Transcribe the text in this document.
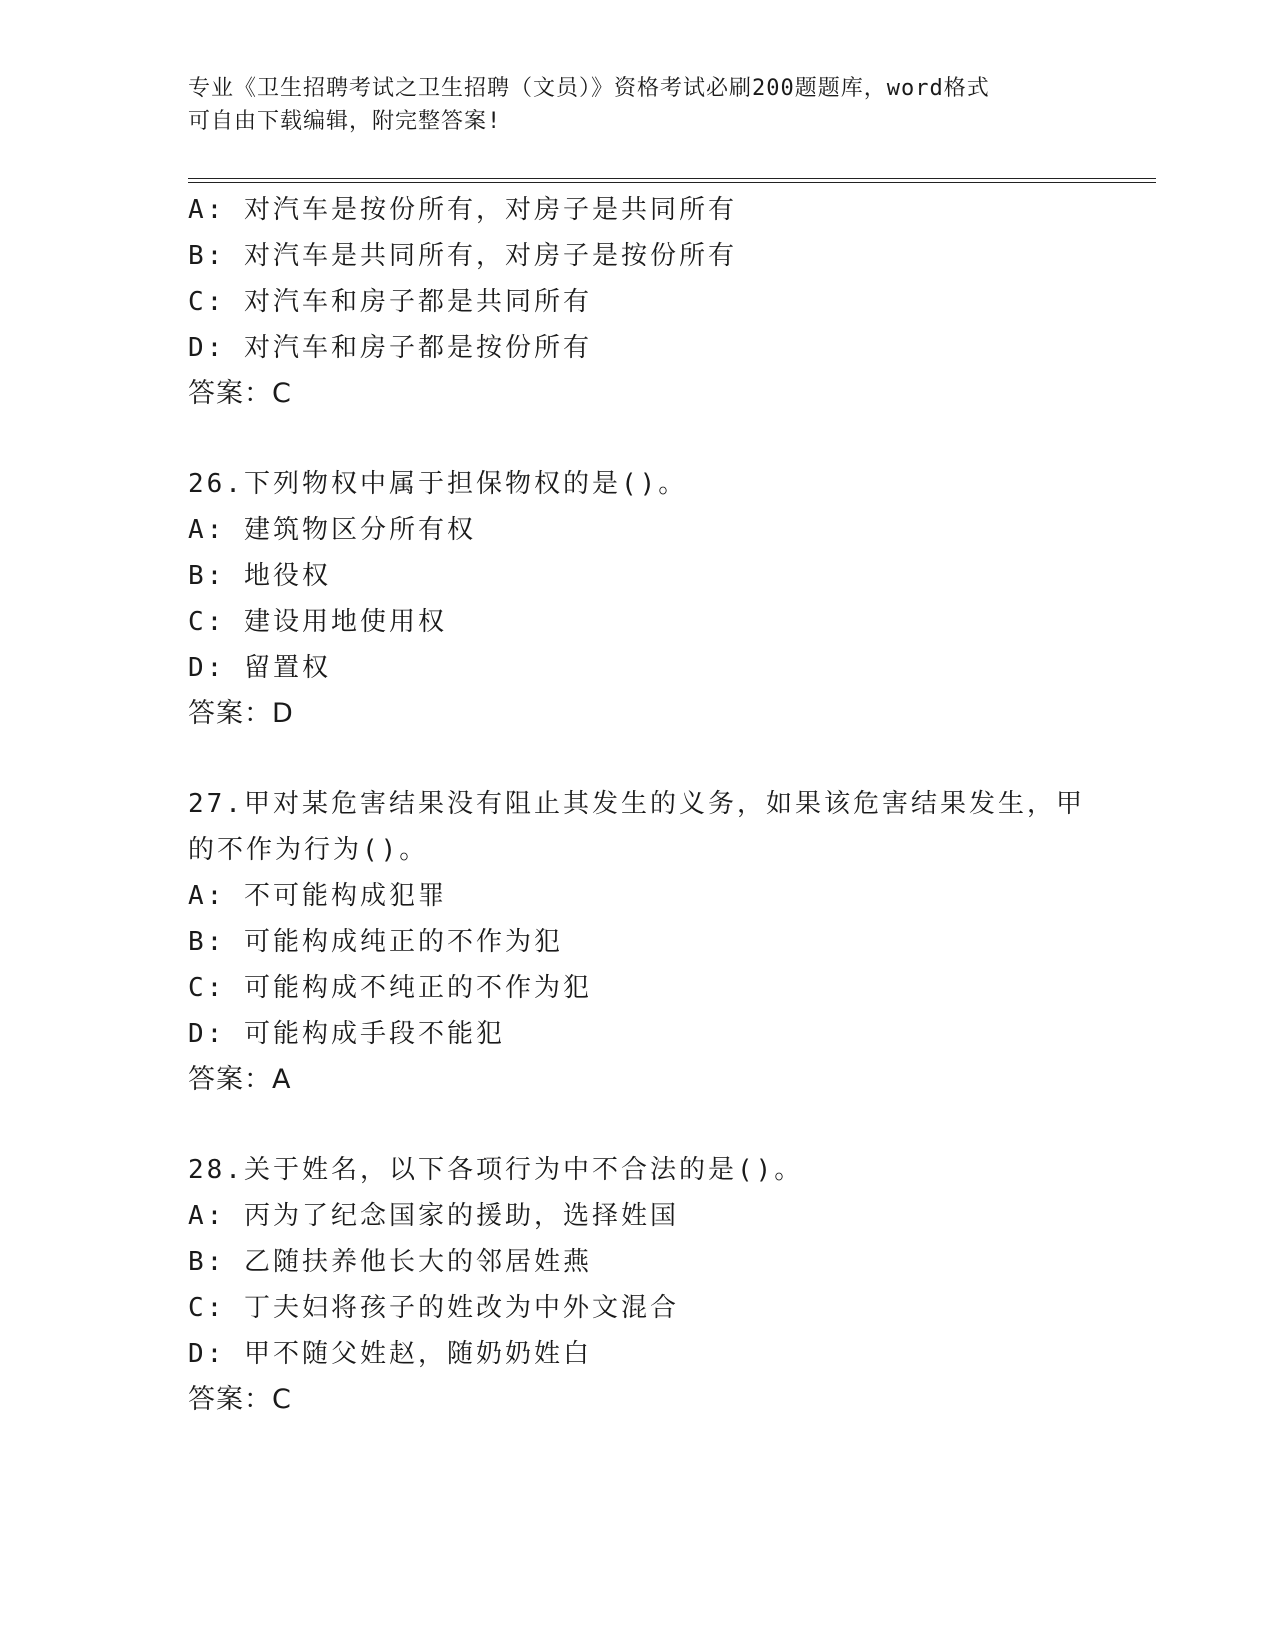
专业《卫生招聘考试之卫生招聘（文员）》资格考试必刷200题题库，word格式
可自由下载编辑，附完整答案!
A: 对汽车是按份所有，对房子是共同所有
B: 对汽车是共同所有，对房子是按份所有
C: 对汽车和房子都是共同所有
D: 对汽车和房子都是按份所有
答案：C
26.下列物权中属于担保物权的是()。
A: 建筑物区分所有权
B: 地役权
C: 建设用地使用权
D: 留置权
答案：D
27.甲对某危害结果没有阻止其发生的义务，如果该危害结果发生，甲
的不作为行为()。
A: 不可能构成犯罪
B: 可能构成纯正的不作为犯
C: 可能构成不纯正的不作为犯
D: 可能构成手段不能犯
答案：A
28.关于姓名，以下各项行为中不合法的是()。
A: 丙为了纪念国家的援助，选择姓国
B: 乙随扶养他长大的邻居姓燕
C: 丁夫妇将孩子的姓改为中外文混合
D: 甲不随父姓赵，随奶奶姓白
答案：C
